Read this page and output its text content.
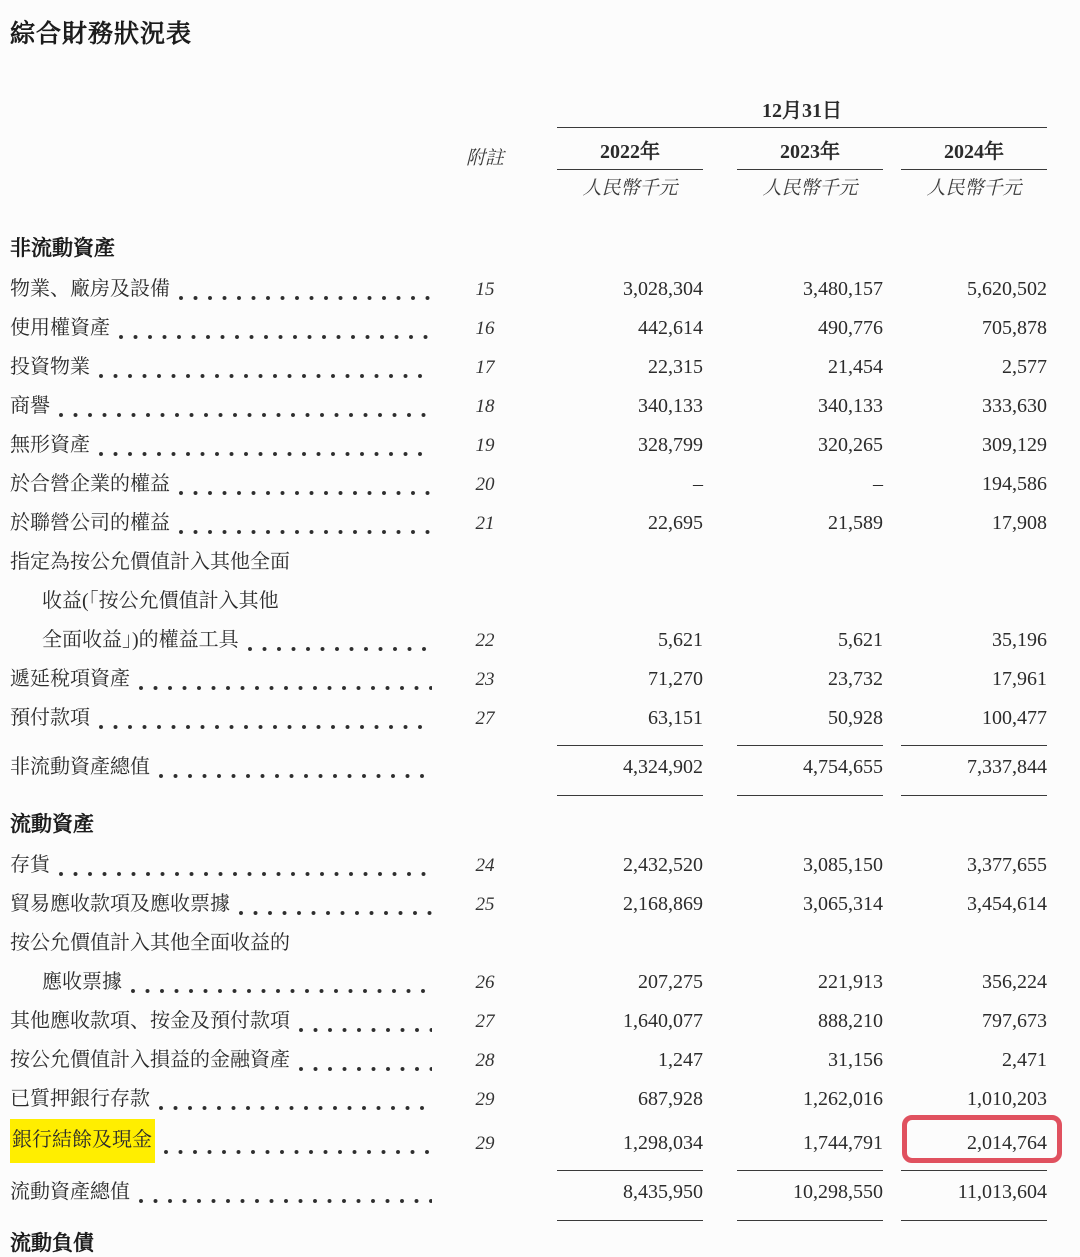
綜合財務狀況表
12月31日
附註	2022年	2023年	2024年
人民幣千元	人民幣千元	人民幣千元
非流動資產
物業、廠房及設備	15	3,028,304	3,480,157	5,620,502
使用權資產	16	442,614	490,776	705,878
投資物業	17	22,315	21,454	2,577
商譽	18	340,133	340,133	333,630
無形資產	19	328,799	320,265	309,129
於合營企業的權益	20	–	–	194,586
於聯營公司的權益	21	22,695	21,589	17,908
指定為按公允價值計入其他全面
收益(「按公允價值計入其他
全面收益」)的權益工具	22	5,621	5,621	35,196
遞延稅項資產	23	71,270	23,732	17,961
預付款項	27	63,151	50,928	100,477
非流動資產總值	4,324,902	4,754,655	7,337,844
流動資產
存貨	24	2,432,520	3,085,150	3,377,655
貿易應收款項及應收票據	25	2,168,869	3,065,314	3,454,614
按公允價值計入其他全面收益的
應收票據	26	207,275	221,913	356,224
其他應收款項、按金及預付款項	27	1,640,077	888,210	797,673
按公允價值計入損益的金融資產	28	1,247	31,156	2,471
已質押銀行存款	29	687,928	1,262,016	1,010,203
銀行結餘及現金	29	1,298,034	1,744,791	2,014,764
流動資產總值	8,435,950	10,298,550	11,013,604
流動負債
